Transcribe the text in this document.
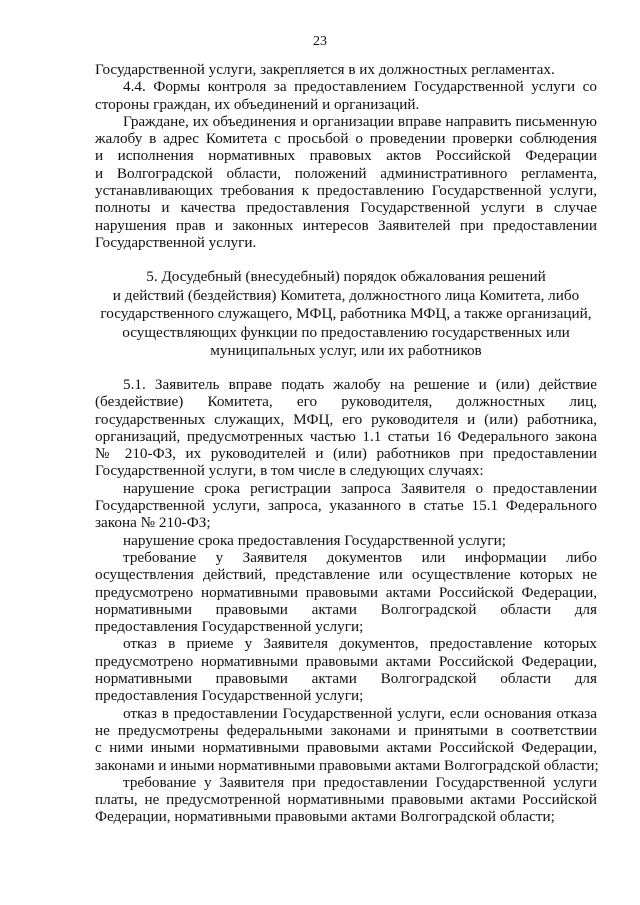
23
Государственной услуги, закрепляется в их должностных регламентах.
4.4. Формы контроля за предоставлением Государственной услуги со
стороны граждан, их объединений и организаций.
Граждане, их объединения и организации вправе направить письменную
жалобу в адрес Комитета с просьбой о проведении проверки соблюдения
и исполнения нормативных правовых актов Российской Федерации
и Волгоградской области, положений административного регламента,
устанавливающих требования к предоставлению Государственной услуги,
полноты и качества предоставления Государственной услуги в случае
нарушения прав и законных интересов Заявителей при предоставлении
Государственной услуги.
5. Досудебный (внесудебный) порядок обжалования решений
и действий (бездействия) Комитета, должностного лица Комитета, либо
государственного служащего, МФЦ, работника МФЦ, а также организаций,
осуществляющих функции по предоставлению государственных или
муниципальных услуг, или их работников
5.1. Заявитель вправе подать жалобу на решение и (или) действие
(бездействие) Комитета, его руководителя, должностных лиц,
государственных служащих, МФЦ, его руководителя и (или) работника,
организаций, предусмотренных частью 1.1 статьи 16 Федерального закона
№ 210-ФЗ, их руководителей и (или) работников при предоставлении
Государственной услуги, в том числе в следующих случаях:
нарушение срока регистрации запроса Заявителя о предоставлении
Государственной услуги, запроса, указанного в статье 15.1 Федерального
закона № 210-ФЗ;
нарушение срока предоставления Государственной услуги;
требование у Заявителя документов или информации либо
осуществления действий, представление или осуществление которых не
предусмотрено нормативными правовыми актами Российской Федерации,
нормативными правовыми актами Волгоградской области для
предоставления Государственной услуги;
отказ в приеме у Заявителя документов, предоставление которых
предусмотрено нормативными правовыми актами Российской Федерации,
нормативными правовыми актами Волгоградской области для
предоставления Государственной услуги;
отказ в предоставлении Государственной услуги, если основания отказа
не предусмотрены федеральными законами и принятыми в соответствии
с ними иными нормативными правовыми актами Российской Федерации,
законами и иными нормативными правовыми актами Волгоградской области;
требование у Заявителя при предоставлении Государственной услуги
платы, не предусмотренной нормативными правовыми актами Российской
Федерации, нормативными правовыми актами Волгоградской области;
